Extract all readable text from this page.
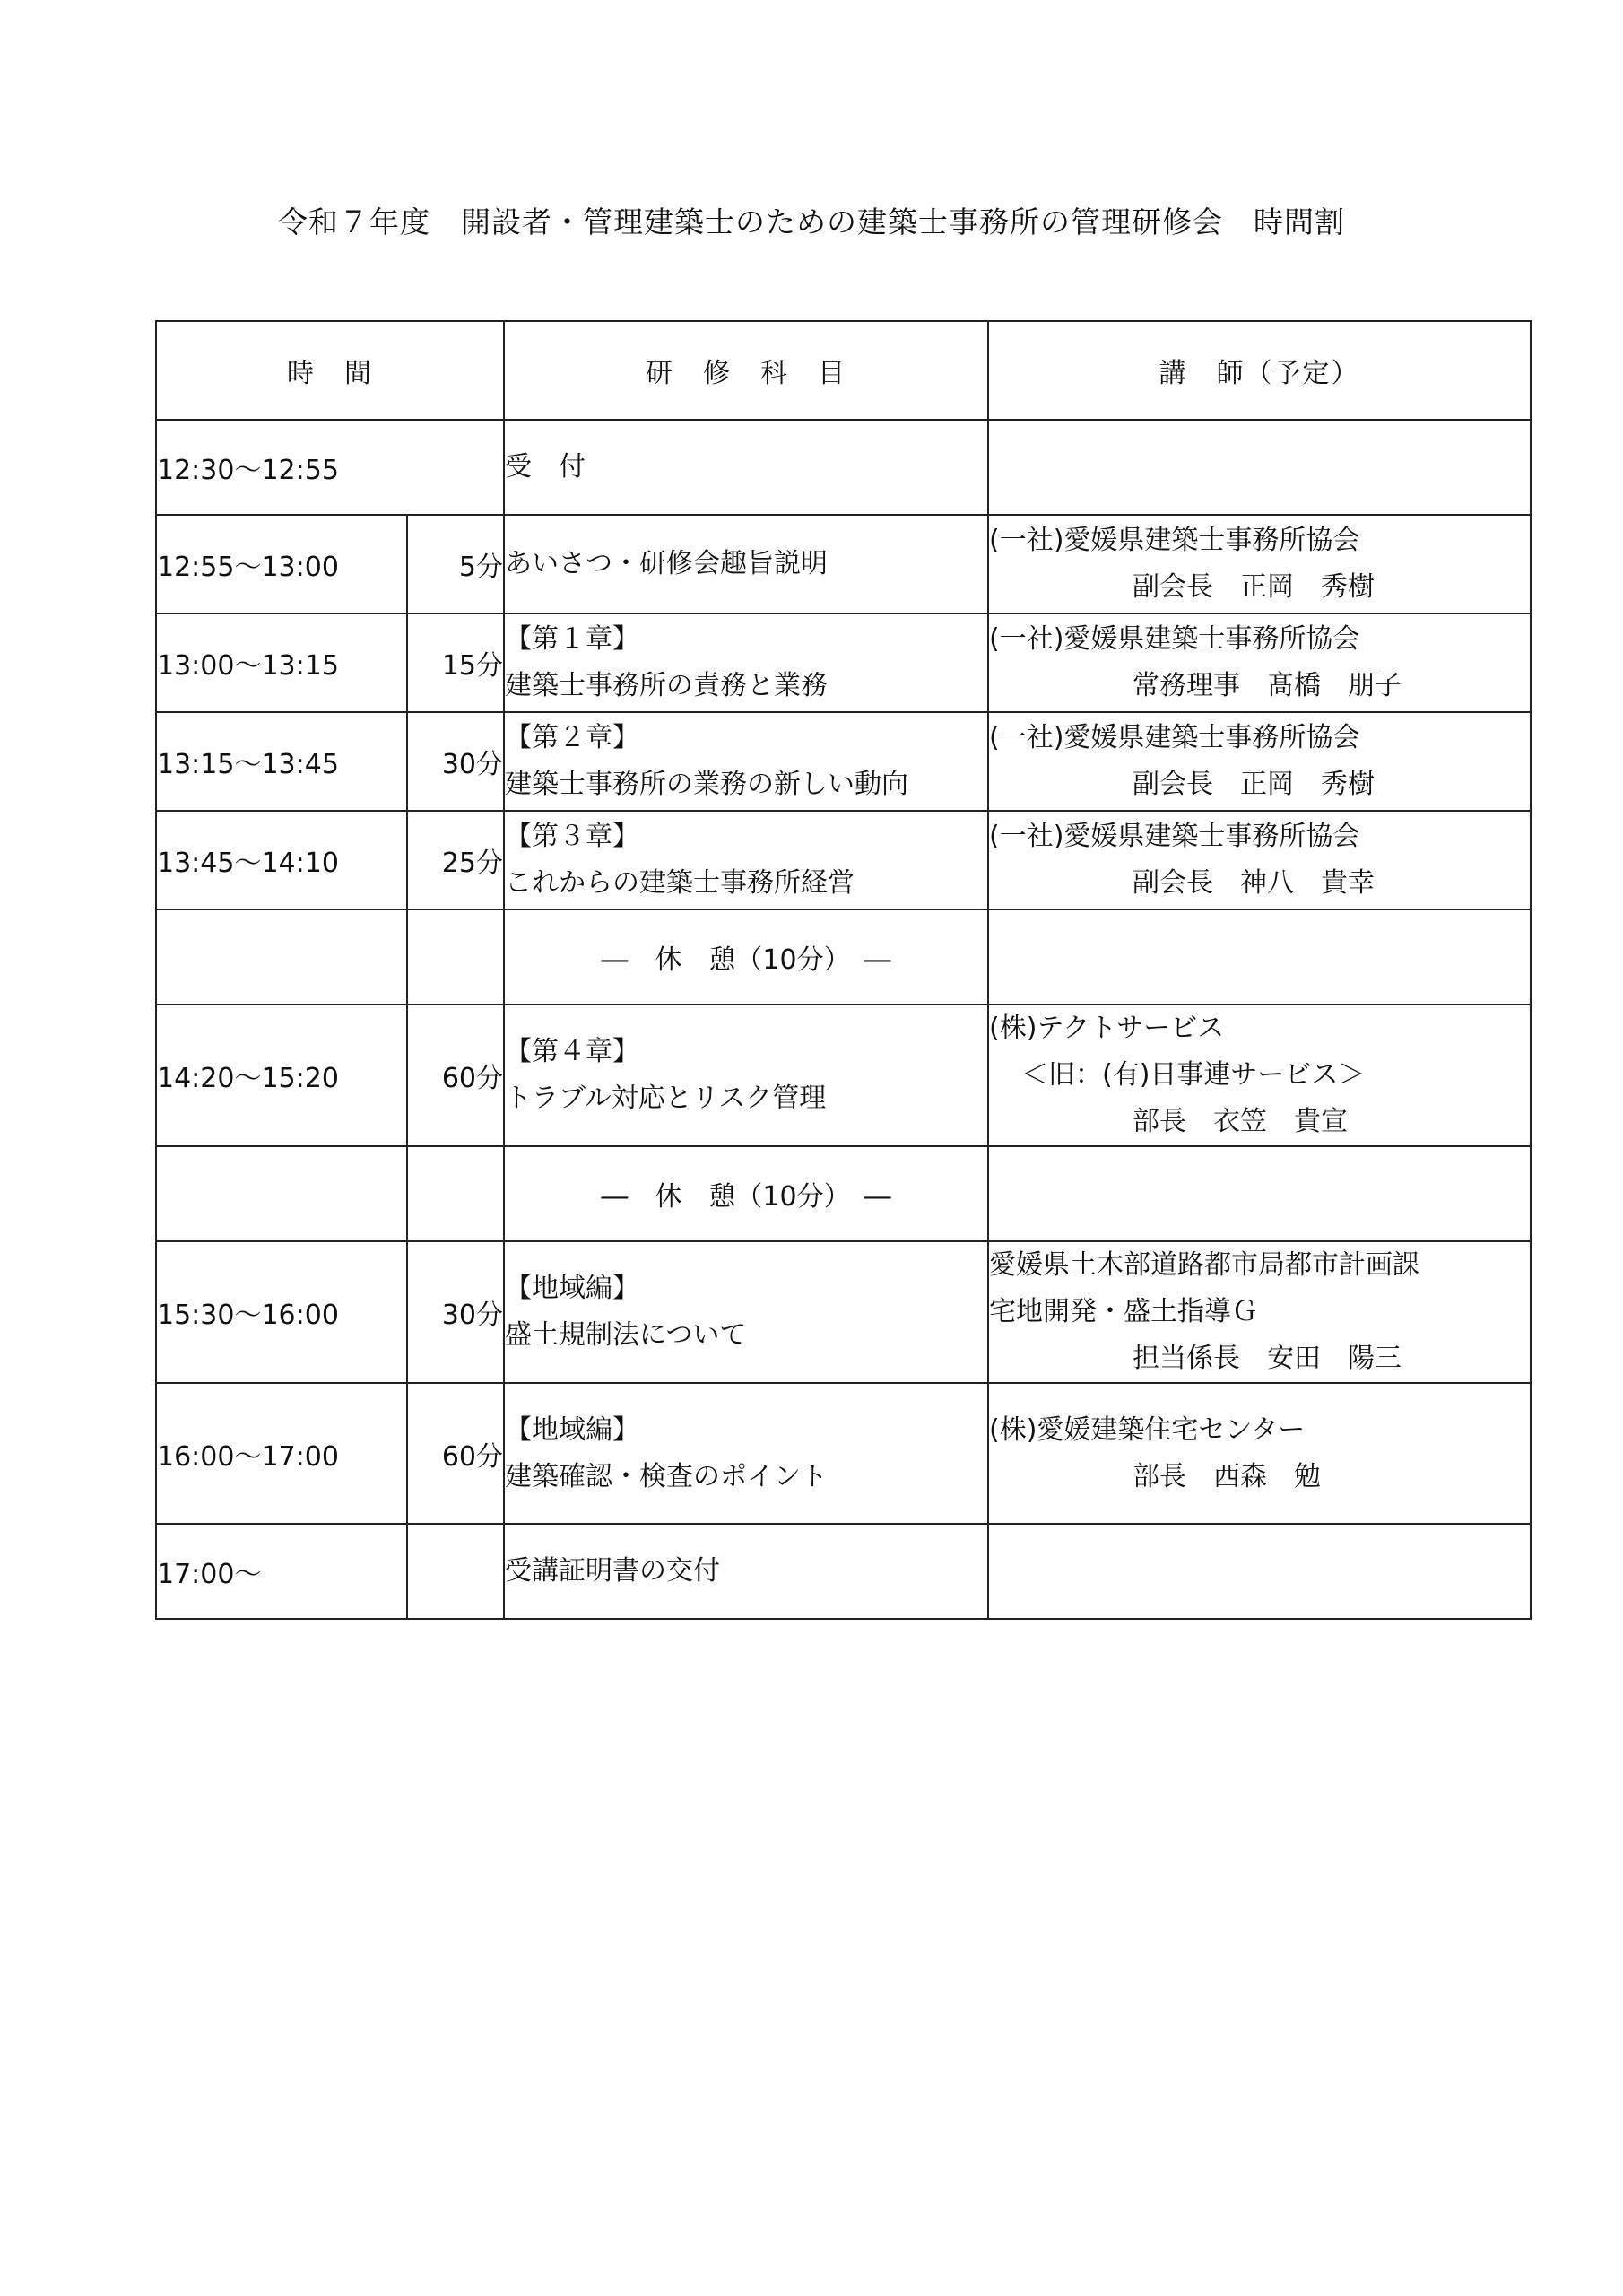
令和７年度　開設者・管理建築士のための建築士事務所の管理研修会　時間割
時　間		研　修　科　目	講　師（予定）
12:30〜12:55		受　付	

12:55〜13:00	5分	あいさつ・研修会趣旨説明	(一社)愛媛県建築士事務所協会
副会長　正岡　秀樹

13:00〜13:15	15分	【第１章】
建築士事務所の責務と業務	(一社)愛媛県建築士事務所協会
常務理事　髙橋　朋子

13:15〜13:45	30分	【第２章】
建築士事務所の業務の新しい動向	(一社)愛媛県建築士事務所協会
副会長　正岡　秀樹

13:45〜14:10	25分	【第３章】
これからの建築士事務所経営	(一社)愛媛県建築士事務所協会
副会長　神八　貴幸

		―　休　憩（10分）　―	
14:20〜15:20	60分	【第４章】
トラブル対応とリスク管理	(株)テクトサービス
＜旧：(有)日事連サービス＞
部長　衣笠　貴宣

		―　休　憩（10分）　―	
15:30〜16:00	30分	【地域編】
盛土規制法について	愛媛県土木部道路都市局都市計画課
宅地開発・盛土指導Ｇ
担当係長　安田　陽三

16:00〜17:00	60分	【地域編】
建築確認・検査のポイント	(株)愛媛建築住宅センター
部長　西森　勉

17:00〜		受講証明書の交付	
